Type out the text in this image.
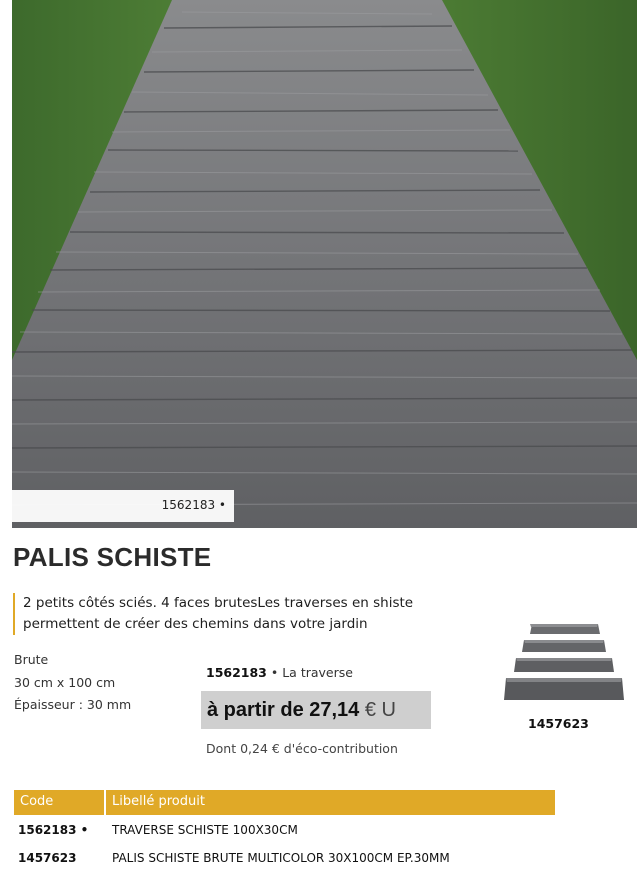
1562183 •
PALIS SCHISTE
2 petits côtés sciés. 4 faces brutesLes traverses en shiste
permettent de créer des chemins dans votre jardin
Brute
30 cm x 100 cm
Épaisseur : 30 mm
1562183 • La traverse
à partir de 27,14 € U
Dont 0,24 € d'éco-contribution
1457623
Code	Libellé produit
1562183 • TRAVERSE SCHISTE 100X30CM
1457623	PALIS SCHISTE BRUTE MULTICOLOR 30X100CM EP.30MM
